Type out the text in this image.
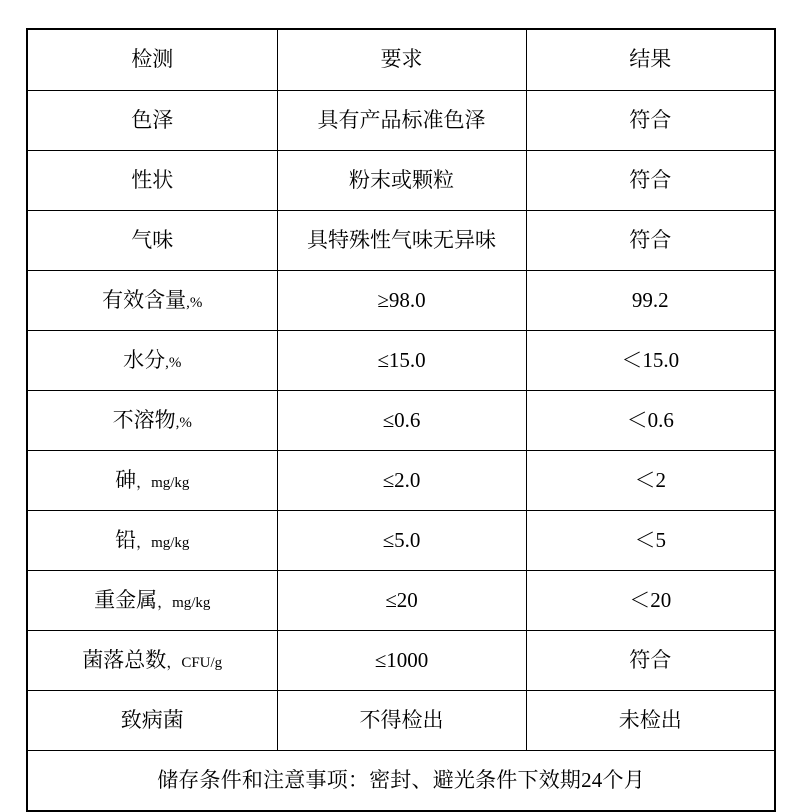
检测	要求	结果
色泽	具有产品标准色泽	符合
性状	粉末或颗粒	符合
气味	具特殊性气味无异味	符合
有效含量,%	≥98.0	99.2
水分,%	≤15.0	＜15.0
不溶物,%	≤0.6	＜0.6
砷，mg/kg	≤2.0	＜2
铅，mg/kg	≤5.0	＜5
重金属，mg/kg	≤20	＜20
菌落总数，CFU/g	≤1000	符合
致病菌	不得检出	未检出
储存条件和注意事项：密封、避光条件下效期24个月		
